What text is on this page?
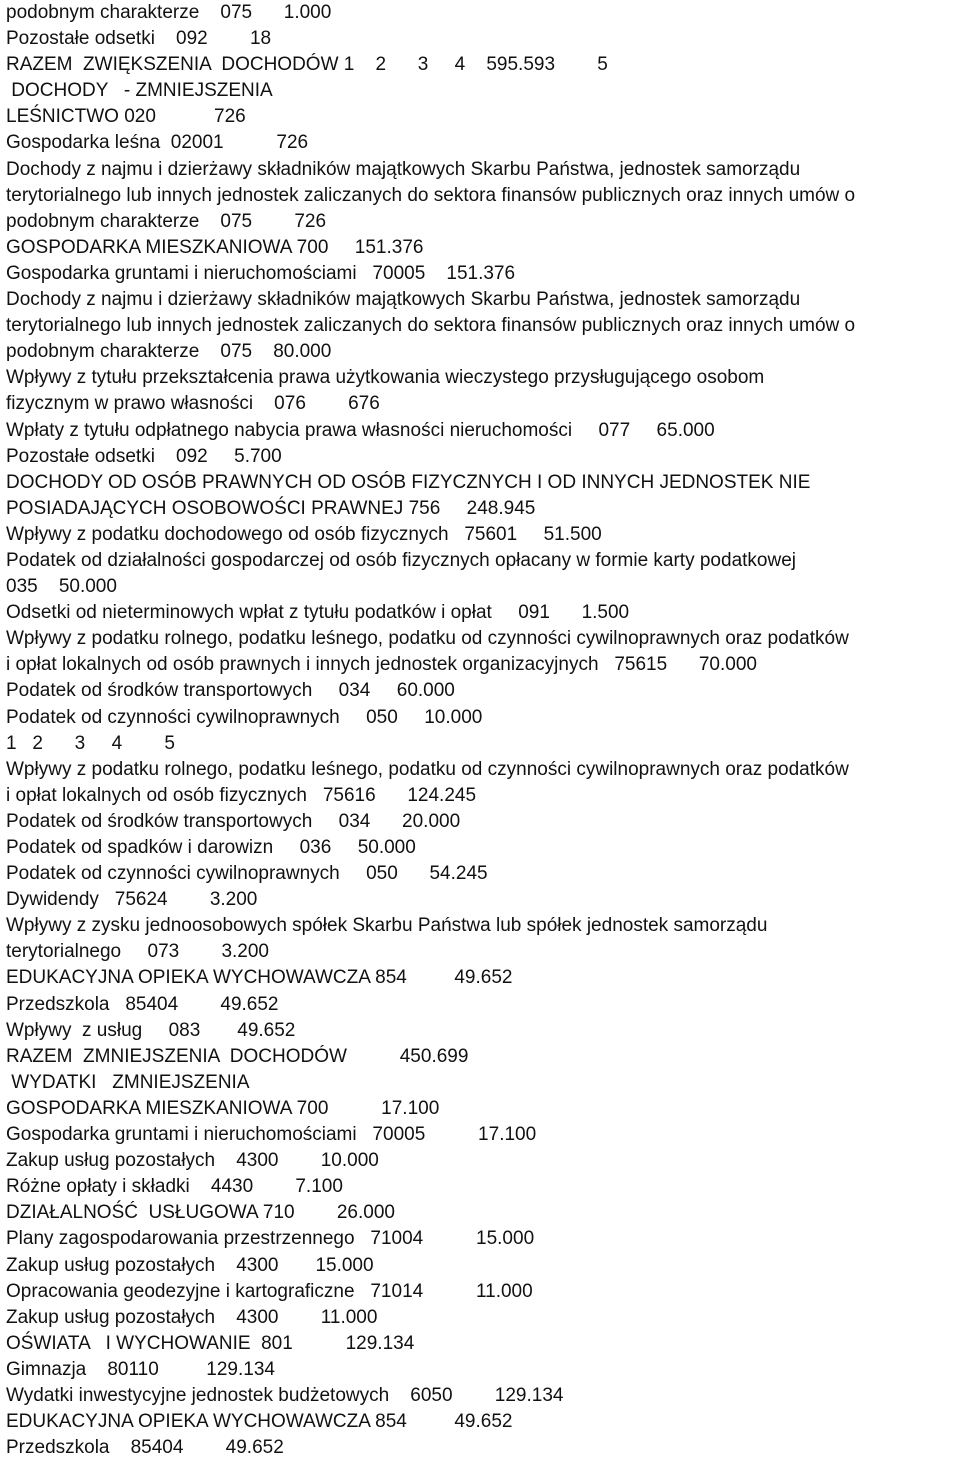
podobnym charakterze    075      1.000
Pozostałe odsetki    092        18
RAZEM  ZWIĘKSZENIA  DOCHODÓW 1    2      3     4    595.593        5
DOCHODY   - ZMNIEJSZENIA
LEŚNICTWO 020           726
Gospodarka leśna  02001          726
Dochody z najmu i dzierżawy składników majątkowych Skarbu Państwa, jednostek samorządu
terytorialnego lub innych jednostek zaliczanych do sektora finansów publicznych oraz innych umów o
podobnym charakterze    075        726
GOSPODARKA MIESZKANIOWA 700     151.376
Gospodarka gruntami i nieruchomościami   70005    151.376
Dochody z najmu i dzierżawy składników majątkowych Skarbu Państwa, jednostek samorządu
terytorialnego lub innych jednostek zaliczanych do sektora finansów publicznych oraz innych umów o
podobnym charakterze    075    80.000
Wpływy z tytułu przekształcenia prawa użytkowania wieczystego przysługującego osobom
fizycznym w prawo własności    076        676
Wpłaty z tytułu odpłatnego nabycia prawa własności nieruchomości     077     65.000
Pozostałe odsetki    092     5.700
DOCHODY OD OSÓB PRAWNYCH OD OSÓB FIZYCZNYCH I OD INNYCH JEDNOSTEK NIE
POSIADAJĄCYCH OSOBOWOŚCI PRAWNEJ 756     248.945
Wpływy z podatku dochodowego od osób fizycznych   75601     51.500
Podatek od działalności gospodarczej od osób fizycznych opłacany w formie karty podatkowej
035    50.000
Odsetki od nieterminowych wpłat z tytułu podatków i opłat     091      1.500
Wpływy z podatku rolnego, podatku leśnego, podatku od czynności cywilnoprawnych oraz podatków
i opłat lokalnych od osób prawnych i innych jednostek organizacyjnych   75615      70.000
Podatek od środków transportowych     034     60.000
Podatek od czynności cywilnoprawnych     050     10.000
1   2      3     4        5
Wpływy z podatku rolnego, podatku leśnego, podatku od czynności cywilnoprawnych oraz podatków
i opłat lokalnych od osób fizycznych   75616      124.245
Podatek od środków transportowych     034      20.000
Podatek od spadków i darowizn     036     50.000
Podatek od czynności cywilnoprawnych     050      54.245
Dywidendy   75624        3.200
Wpływy z zysku jednoosobowych spółek Skarbu Państwa lub spółek jednostek samorządu
terytorialnego     073        3.200
EDUKACYJNA OPIEKA WYCHOWAWCZA 854         49.652
Przedszkola   85404        49.652
Wpływy  z usług     083       49.652
RAZEM  ZMNIEJSZENIA  DOCHODÓW          450.699
WYDATKI   ZMNIEJSZENIA
GOSPODARKA MIESZKANIOWA 700          17.100
Gospodarka gruntami i nieruchomościami   70005          17.100
Zakup usług pozostałych    4300        10.000
Różne opłaty i składki    4430        7.100
DZIAŁALNOŚĆ  USŁUGOWA 710        26.000
Plany zagospodarowania przestrzennego   71004          15.000
Zakup usług pozostałych    4300       15.000
Opracowania geodezyjne i kartograficzne   71014          11.000
Zakup usług pozostałych    4300        11.000
OŚWIATA   I WYCHOWANIE  801          129.134
Gimnazja    80110         129.134
Wydatki inwestycyjne jednostek budżetowych    6050        129.134
EDUKACYJNA OPIEKA WYCHOWAWCZA 854         49.652
Przedszkola    85404        49.652
